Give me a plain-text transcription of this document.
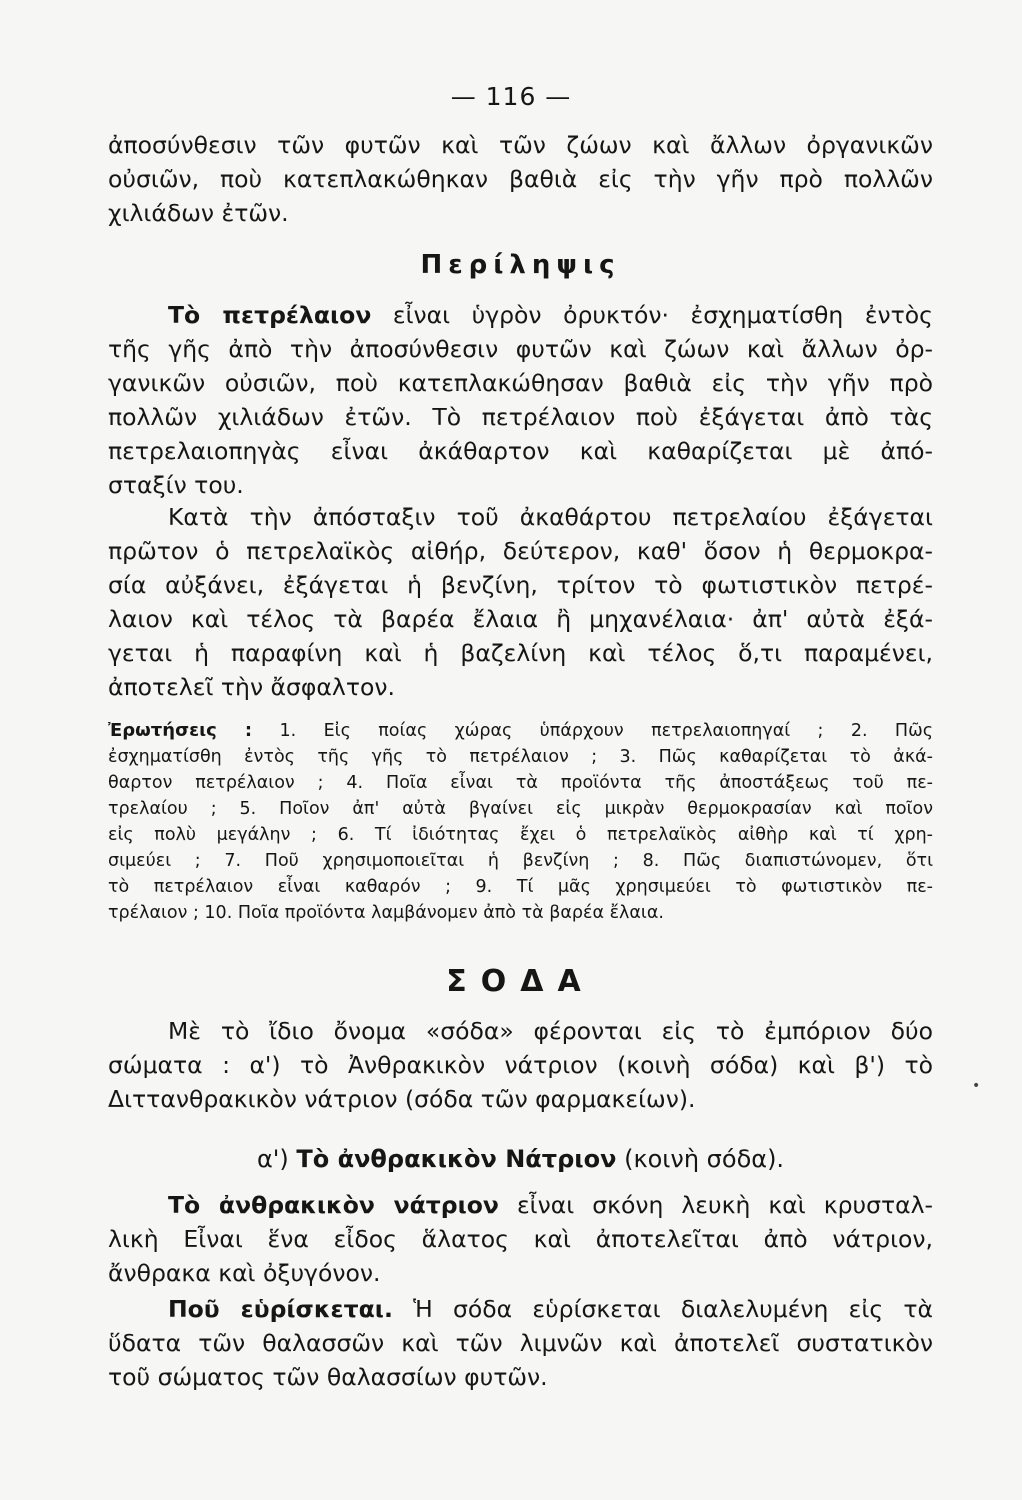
— 116 —
ἀποσύνθεσιν τῶν φυτῶν καὶ τῶν ζώων καὶ ἄλλων ὀργανικῶν
οὐσιῶν, ποὺ κατεπλακώθηκαν βαθιὰ εἰς τὴν γῆν πρὸ πολλῶν
χιλιάδων ἐτῶν.
Περίληψις
Τὸ πετρέλαιον εἶναι ὑγρὸν ὀρυκτόν· ἐσχηματίσθη ἐντὸς
τῆς γῆς ἀπὸ τὴν ἀποσύνθεσιν φυτῶν καὶ ζώων καὶ ἄλλων ὀρ-
γανικῶν οὐσιῶν, ποὺ κατεπλακώθησαν βαθιὰ εἰς τὴν γῆν πρὸ
πολλῶν χιλιάδων ἐτῶν. Τὸ πετρέλαιον ποὺ ἐξάγεται ἀπὸ τὰς
πετρελαιοπηγὰς εἶναι ἀκάθαρτον καὶ καθαρίζεται μὲ ἀπό-
σταξίν του.
Κατὰ τὴν ἀπόσταξιν τοῦ ἀκαθάρτου πετρελαίου ἐξάγεται
πρῶτον ὁ πετρελαϊκὸς αἰθήρ, δεύτερον, καθ' ὅσον ἡ θερμοκρα-
σία αὐξάνει, ἐξάγεται ἡ βενζίνη, τρίτον τὸ φωτιστικὸν πετρέ-
λαιον καὶ τέλος τὰ βαρέα ἔλαια ἢ μηχανέλαια· ἀπ' αὐτὰ ἐξά-
γεται ἡ παραφίνη καὶ ἡ βαζελίνη καὶ τέλος ὅ,τι παραμένει,
ἀποτελεῖ τὴν ἄσφαλτον.
Ἐρωτήσεις : 1. Εἰς ποίας χώρας ὑπάρχουν πετρελαιοπηγαί ; 2. Πῶς
ἐσχηματίσθη ἐντὸς τῆς γῆς τὸ πετρέλαιον ; 3. Πῶς καθαρίζεται τὸ ἀκά-
θαρτον πετρέλαιον ; 4. Ποῖα εἶναι τὰ προϊόντα τῆς ἀποστάξεως τοῦ πε-
τρελαίου ; 5. Ποῖον ἀπ' αὐτὰ βγαίνει εἰς μικρὰν θερμοκρασίαν καὶ ποῖον
εἰς πολὺ μεγάλην ; 6. Τί ἰδιότητας ἔχει ὁ πετρελαϊκὸς αἰθὴρ καὶ τί χρη-
σιμεύει ; 7. Ποῦ χρησιμοποιεῖται ἡ βενζίνη ; 8. Πῶς διαπιστώνομεν, ὅτι
τὸ πετρέλαιον εἶναι καθαρόν ; 9. Τί μᾶς χρησιμεύει τὸ φωτιστικὸν πε-
τρέλαιον ; 10. Ποῖα προϊόντα λαμβάνομεν ἀπὸ τὰ βαρέα ἔλαια.
ΣΟΔΑ
Μὲ τὸ ἴδιο ὄνομα «σόδα» φέρονται εἰς τὸ ἐμπόριον δύο
σώματα : α') τὸ Ἀνθρακικὸν νάτριον (κοινὴ σόδα) καὶ β') τὸ
Διττανθρακικὸν νάτριον (σόδα τῶν φαρμακείων).	•
α') Τὸ ἀνθρακικὸν Νάτριον (κοινὴ σόδα).
Τὸ ἀνθρακικὸν νάτριον εἶναι σκόνη λευκὴ καὶ κρυσταλ-
λικὴ Εἶναι ἕνα εἶδος ἅλατος καὶ ἀποτελεῖται ἀπὸ νάτριον,
ἄνθρακα καὶ ὀξυγόνον.
Ποῦ εὑρίσκεται. Ἡ σόδα εὑρίσκεται διαλελυμένη εἰς τὰ
ὕδατα τῶν θαλασσῶν καὶ τῶν λιμνῶν καὶ ἀποτελεῖ συστατικὸν
τοῦ σώματος τῶν θαλασσίων φυτῶν.
